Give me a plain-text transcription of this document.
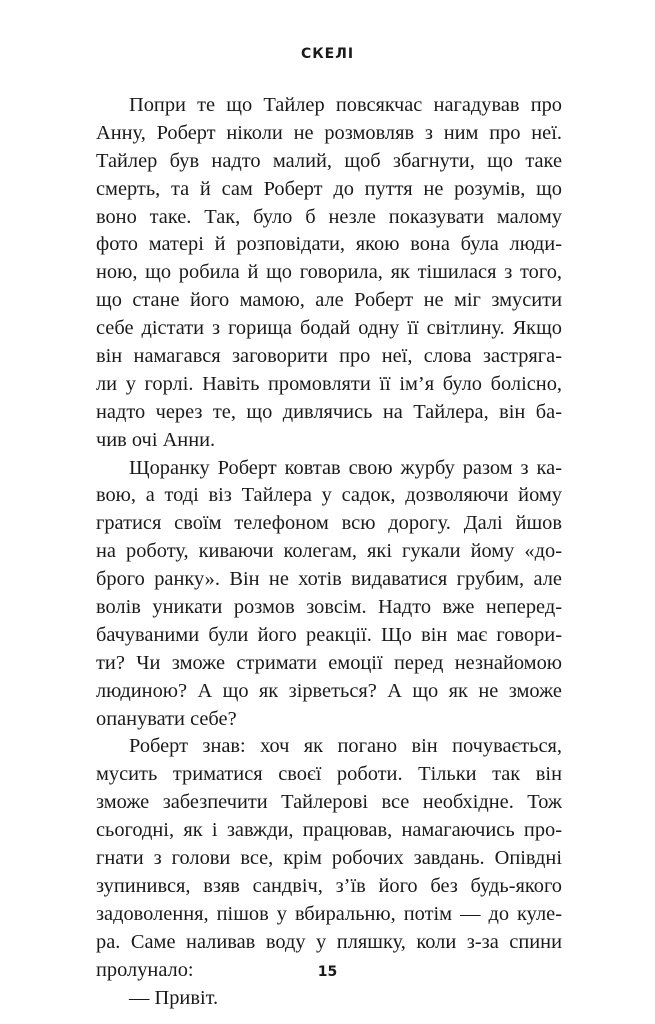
СКЕЛІ
Попри те що Тайлер повсякчас нагадував про
Анну, Роберт ніколи не розмовляв з ним про неї.
Тайлер був надто малий, щоб збагнути, що таке
смерть, та й сам Роберт до пуття не розумів, що
воно таке. Так, було б незле показувати малому
фото матері й розповідати, якою вона була люди-
ною, що робила й що говорила, як тішилася з того,
що стане його мамою, але Роберт не міг змусити
себе дістати з горища бодай одну її світлину. Якщо
він намагався заговорити про неї, слова застряга-
ли у горлі. Навіть промовляти її ім’я було болісно,
надто через те, що дивлячись на Тайлера, він ба-
чив очі Анни.
Щоранку Роберт ковтав свою журбу разом з ка-
вою, а тоді віз Тайлера у садок, дозволяючи йому
гратися своїм телефоном всю дорогу. Далі йшов
на роботу, киваючи колегам, які гукали йому «до-
брого ранку». Він не хотів видаватися грубим, але
волів уникати розмов зовсім. Надто вже неперед-
бачуваними були його реакції. Що він має говори-
ти? Чи зможе стримати емоції перед незнайомою
людиною? А що як зірветься? А що як не зможе
опанувати себе?
Роберт знав: хоч як погано він почувається,
мусить триматися своєї роботи. Тільки так він
зможе забезпечити Тайлерові все необхідне. Тож
сьогодні, як і завжди, працював, намагаючись про-
гнати з голови все, крім робочих завдань. Опівдні
зупинився, взяв сандвіч, з’їв його без будь-якого
задоволення, пішов у вбиральню, потім — до куле-
ра. Саме наливав воду у пляшку, коли з-за спини
пролунало:
— Привіт.
15
